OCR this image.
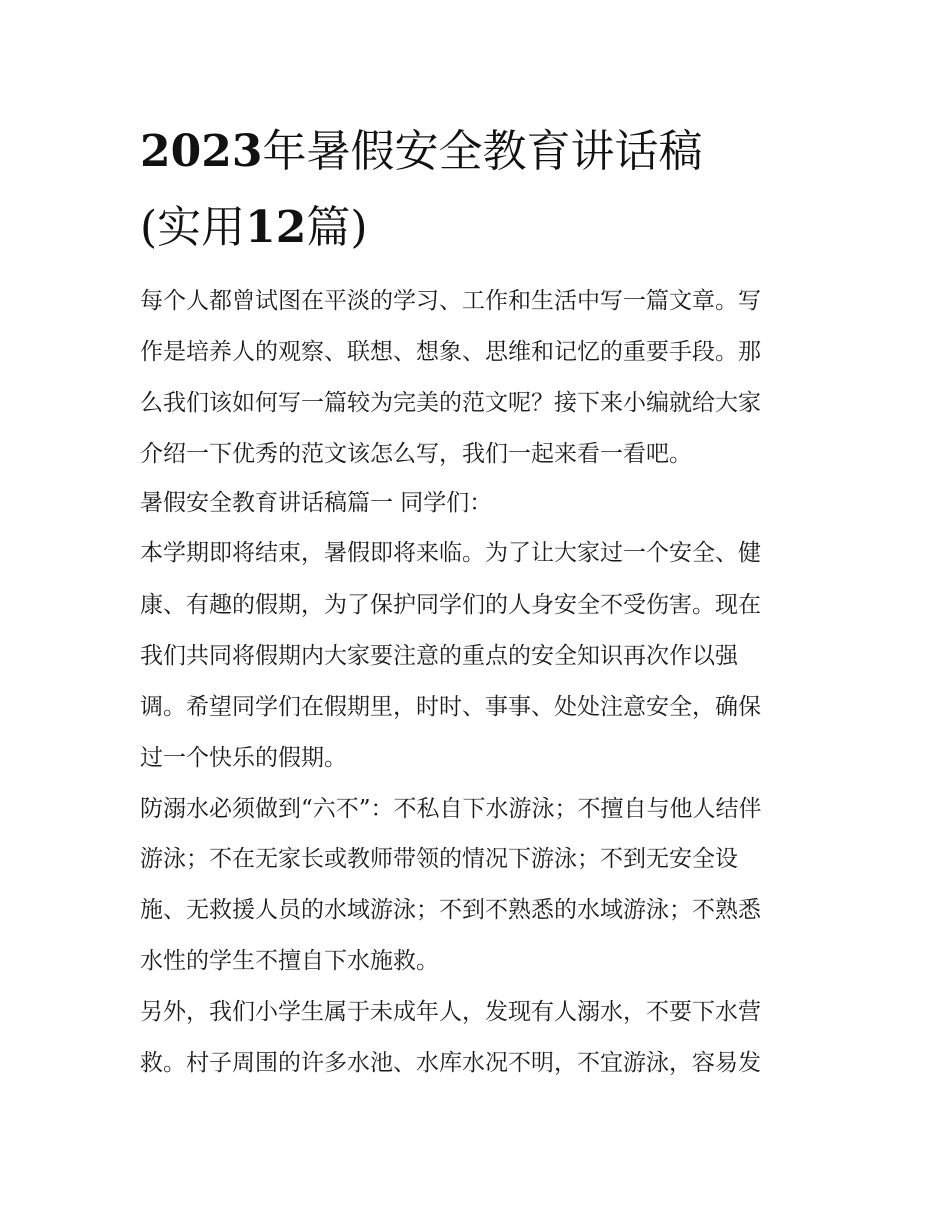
2023年暑假安全教育讲话稿
(实用12篇)

每个人都曾试图在平淡的学习、工作和生活中写一篇文章。写

作是培养人的观察、联想、想象、思维和记忆的重要手段。那

么我们该如何写一篇较为完美的范文呢？接下来小编就给大家

介绍一下优秀的范文该怎么写，我们一起来看一看吧。

暑假安全教育讲话稿篇一 同学们：

本学期即将结束，暑假即将来临。为了让大家过一个安全、健

康、有趣的假期，为了保护同学们的人身安全不受伤害。现在

我们共同将假期内大家要注意的重点的安全知识再次作以强

调。希望同学们在假期里，时时、事事、处处注意安全，确保

过一个快乐的假期。

防溺水必须做到“六不”：不私自下水游泳；不擅自与他人结伴

游泳；不在无家长或教师带领的情况下游泳；不到无安全设

施、无救援人员的水域游泳；不到不熟悉的水域游泳；不熟悉

水性的学生不擅自下水施救。

另外，我们小学生属于未成年人，发现有人溺水，不要下水营

救。村子周围的许多水池、水库水况不明，不宜游泳，容易发
